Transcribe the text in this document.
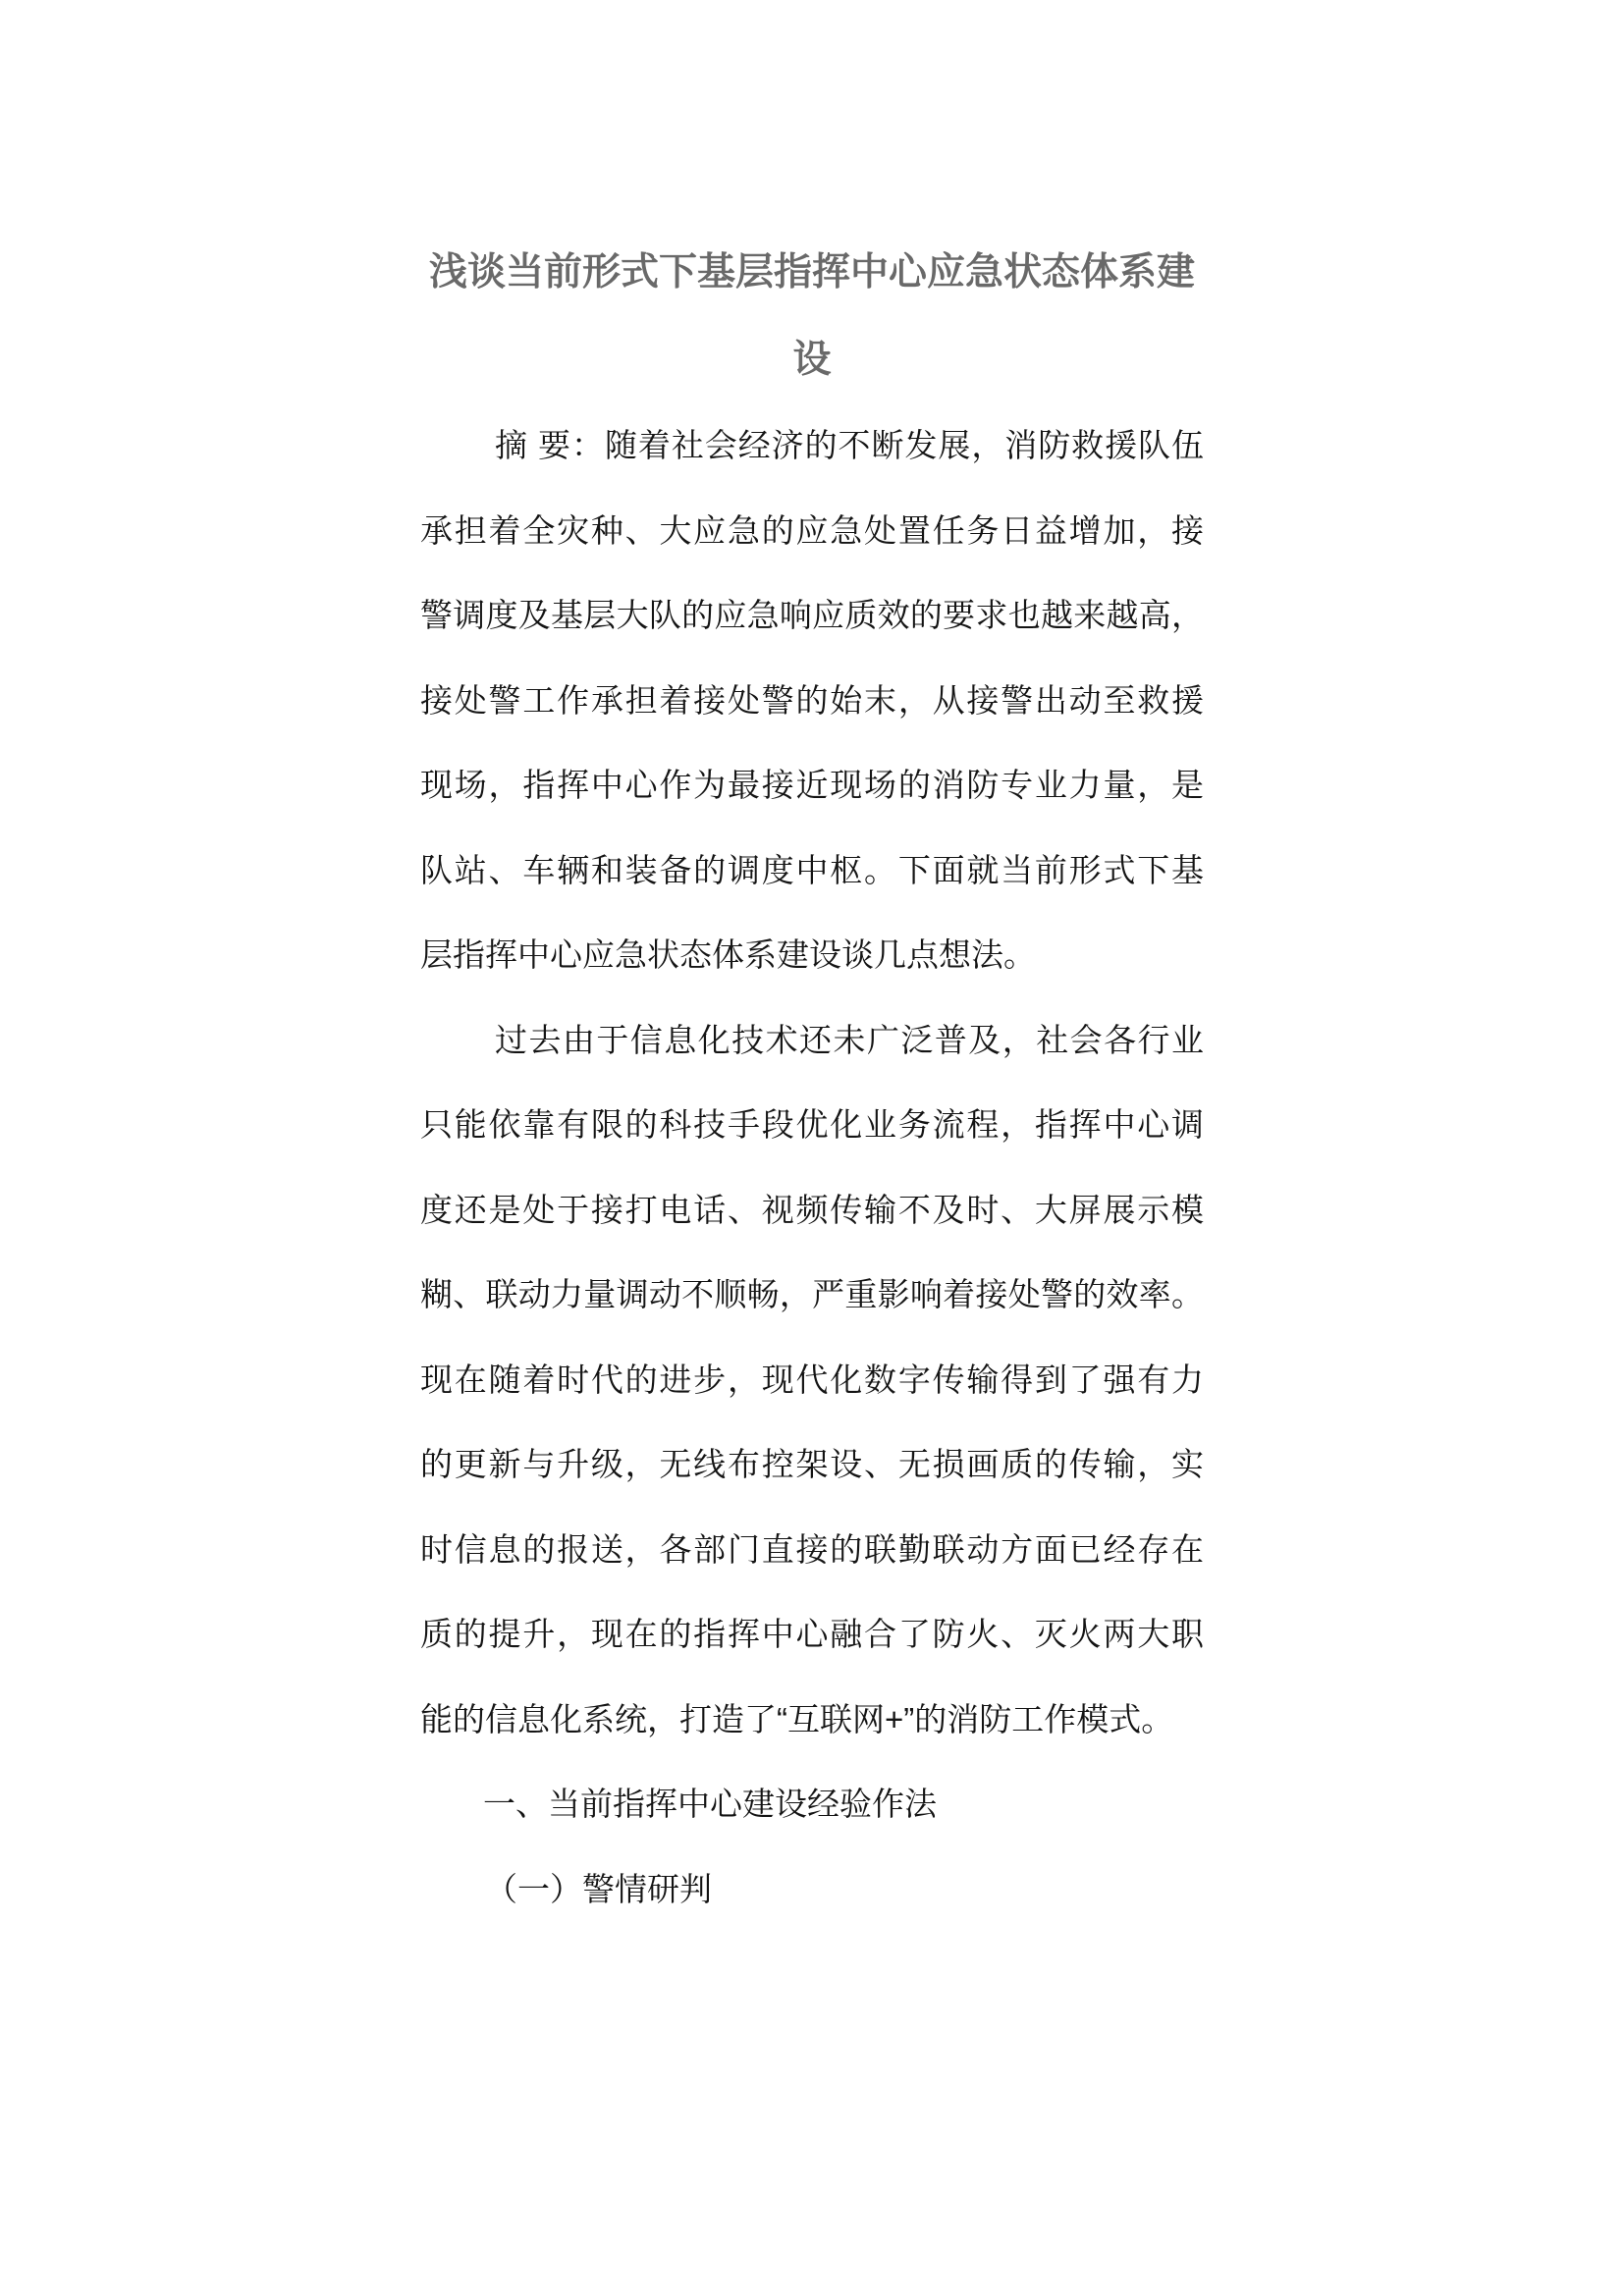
浅谈当前形式下基层指挥中心应急状态体系建
设
摘 要：随着社会经济的不断发展，消防救援队伍
承担着全灾种、大应急的应急处置任务日益增加，接
警调度及基层大队的应急响应质效的要求也越来越高，
接处警工作承担着接处警的始末，从接警出动至救援
现场，指挥中心作为最接近现场的消防专业力量，是
队站、车辆和装备的调度中枢。下面就当前形式下基
层指挥中心应急状态体系建设谈几点想法。
过去由于信息化技术还未广泛普及，社会各行业
只能依靠有限的科技手段优化业务流程，指挥中心调
度还是处于接打电话、视频传输不及时、大屏展示模
糊、联动力量调动不顺畅，严重影响着接处警的效率。
现在随着时代的进步，现代化数字传输得到了强有力
的更新与升级，无线布控架设、无损画质的传输，实
时信息的报送，各部门直接的联勤联动方面已经存在
质的提升，现在的指挥中心融合了防火、灭火两大职
能的信息化系统，打造了“互联网+”的消防工作模式。
一、当前指挥中心建设经验作法
（一）警情研判
